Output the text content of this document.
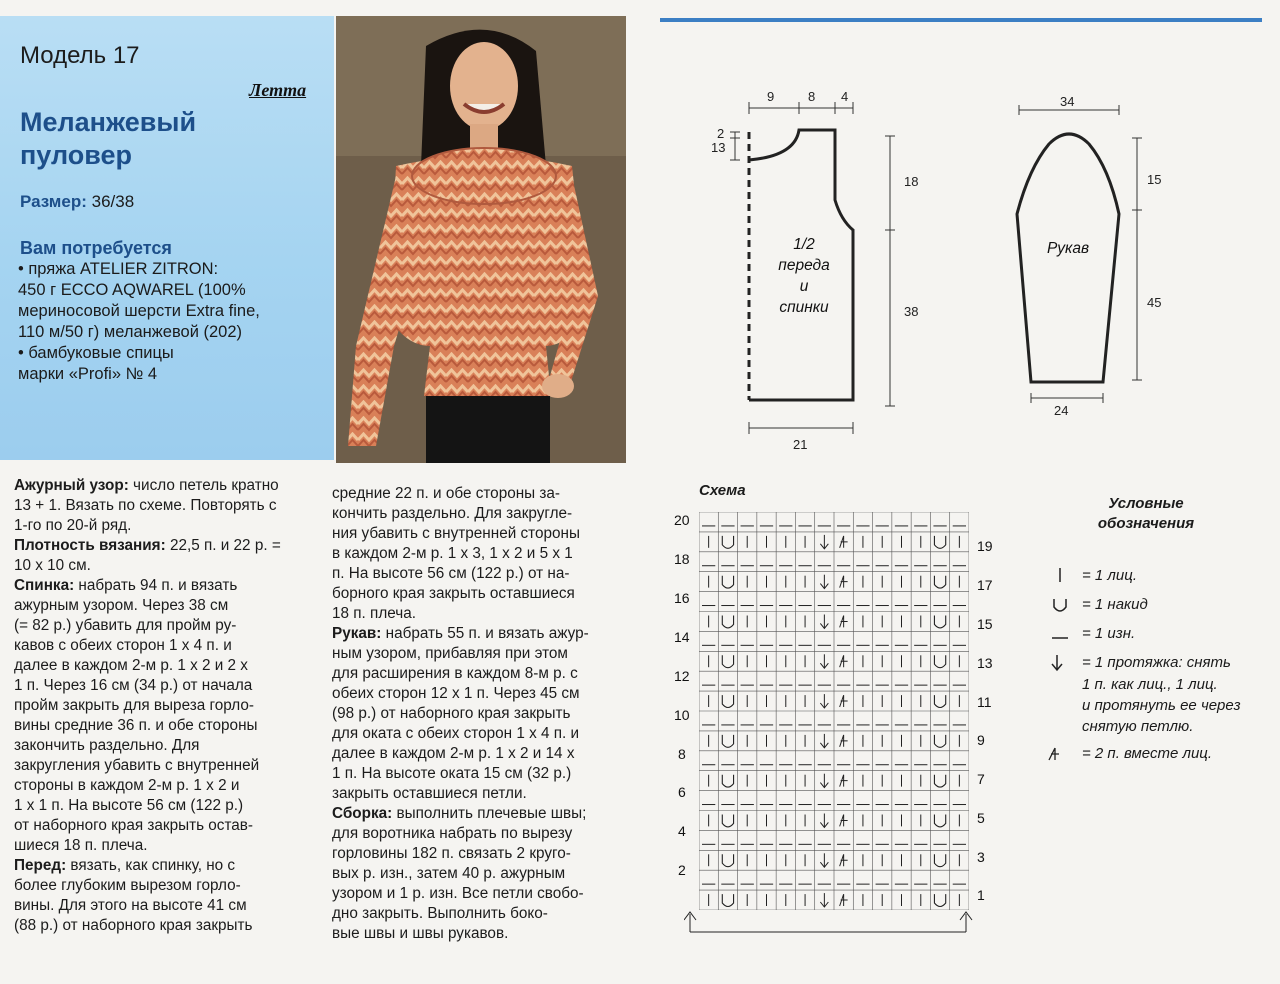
Модель 17
Летта
Меланжевый
пуловер
Размер: 36/38
Вам потребуется
• пряжа ATELIER ZITRON:
450 г ECCO AQWAREL (100%
мериносовой шерсти Extra fine,
110 м/50 г) меланжевой (202)
• бамбуковые спицы
марки «Profi» № 4
9	8 4
2
13
18
38
21
1/2
переда
и
спинки
34
15
45
24
Рукав
Схема
20
18
16
14
12
10
8
6
4
2
19
17
15
13
11
9
7
5
3
1
Условные
обозначения
= 1 лиц.
= 1 накид
= 1 изн.
= 1 протяжка: снять
1 п. как лиц., 1 лиц.
и протянуть ее через
снятую петлю.
= 2 п. вместе лиц.
Ажурный узор: число петель кратно
13 + 1. Вязать по схеме. Повторять с
1-го по 20-й ряд.
Плотность вязания: 22,5 п. и 22 р. =
10 х 10 см.
Спинка: набрать 94 п. и вязать
ажурным узором. Через 38 см
(= 82 р.) убавить для пройм ру-
кавов с обеих сторон 1 х 4 п. и
далее в каждом 2-м р. 1 х 2 и 2 х
1 п. Через 16 см (34 р.) от начала
пройм закрыть для выреза горло-
вины средние 36 п. и обе стороны
закончить раздельно. Для
закругления убавить с внутренней
стороны в каждом 2-м р. 1 х 2 и
1 х 1 п. На высоте 56 см (122 р.)
от наборного края закрыть остав-
шиеся 18 п. плеча.
Перед: вязать, как спинку, но с
более глубоким вырезом горло-
вины. Для этого на высоте 41 см
(88 р.) от наборного края закрыть
средние 22 п. и обе стороны за-
кончить раздельно. Для закругле-
ния убавить с внутренней стороны
в каждом 2-м р. 1 х 3, 1 х 2 и 5 х 1
п. На высоте 56 см (122 р.) от на-
борного края закрыть оставшиеся
18 п. плеча.
Рукав: набрать 55 п. и вязать ажур-
ным узором, прибавляя при этом
для расширения в каждом 8-м р. с
обеих сторон 12 х 1 п. Через 45 см
(98 р.) от наборного края закрыть
для оката с обеих сторон 1 х 4 п. и
далее в каждом 2-м р. 1 х 2 и 14 х
1 п. На высоте оката 15 см (32 р.)
закрыть оставшиеся петли.
Сборка: выполнить плечевые швы;
для воротника набрать по вырезу
горловины 182 п. связать 2 круго-
вых р. изн., затем 40 р. ажурным
узором и 1 р. изн. Все петли свобо-
дно закрыть. Выполнить боко-
вые швы и швы рукавов.
